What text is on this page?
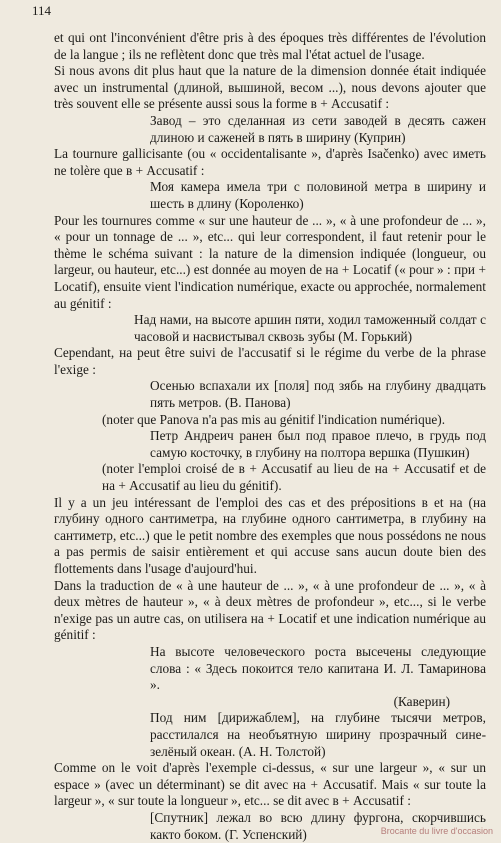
114

et qui ont l'inconvénient d'être pris à des époques très différentes de l'évolution de la langue ; ils ne reflètent donc que très mal l'état actuel de l'usage.

Si nous avons dit plus haut que la nature de la dimension donnée était indiquée avec un instrumental (длиной, вышиной, весом ...), nous devons ajouter que très souvent elle se présente aussi sous la forme в + Accusatif :

Завод – это сделанная из сети заводей в десять сажен длиною и саженей в пять в ширину (Куприн)

La tournure gallicisante (ou « occidentalisante », d'après Isačenko) avec иметь ne tolère que в + Accusatif :

Моя камера имела три с половиной метра в ширину и шесть в длину (Короленко)

Pour les tournures comme « sur une hauteur de ... », « à une profondeur de ... », « pour un tonnage de ... », etc... qui leur correspondent, il faut retenir pour le thème le schéma suivant : la nature de la dimension indiquée (longueur, ou largeur, ou hauteur, etc...) est donnée au moyen de на + Locatif (« pour » : при + Locatif), ensuite vient l'indication numérique, exacte ou approchée, normalement au génitif :

Над нами, на высоте аршин пяти, ходил таможенный солдат с часовой и насвистывал сквозь зубы (М. Горький)

Cependant, на peut être suivi de l'accusatif si le régime du verbe de la phrase l'exige :

Осенью вспахали их [поля] под зябь на глубину двадцать пять метров. (В. Панова)

(noter que Panova n'a pas mis au génitif l'indication numérique).

Петр Андреич ранен был под правое плечо, в грудь под самую косточку, в глубину на полтора вершка (Пушкин)

(noter l'emploi croisé de в + Accusatif au lieu de на + Accusatif et de на + Accusatif au lieu du génitif).

Il y a un jeu intéressant de l'emploi des cas et des prépositions в et на (на глубину одного сантиметра, на глубине одного сантиметра, в глубину на сантиметр, etc...) que le petit nombre des exemples que nous possédons ne nous a pas permis de saisir entièrement et qui accuse sans aucun doute bien des flottements dans l'usage d'aujourd'hui.

Dans la traduction de « à une hauteur de ... », « à une profondeur de ... », « à deux mètres de hauteur », « à deux mètres de profondeur », etc..., si le verbe n'exige pas un autre cas, on utilisera на + Locatif et une indication numérique au génitif :

На высоте человеческого роста высечены следующие слова : « Здесь покоится тело капитана И. Л. Тамариновa ».

(Каверин)

Под ним [дирижаблем], на глубине тысячи метров, расстилался на необъятную ширину прозрачный сине-зелёный океан. (А. Н. Толстой)

Comme on le voit d'après l'exemple ci-dessus, « sur une largeur », « sur un espace » (avec un déterminant) se dit avec на + Accusatif. Mais « sur toute la largeur », « sur toute la longueur », etc... se dit avec в + Accusatif :

[Спутник] лежал во всю длину фургона, скорчившись както боком. (Г. Успенский)	Brocante du livre d'occasion
